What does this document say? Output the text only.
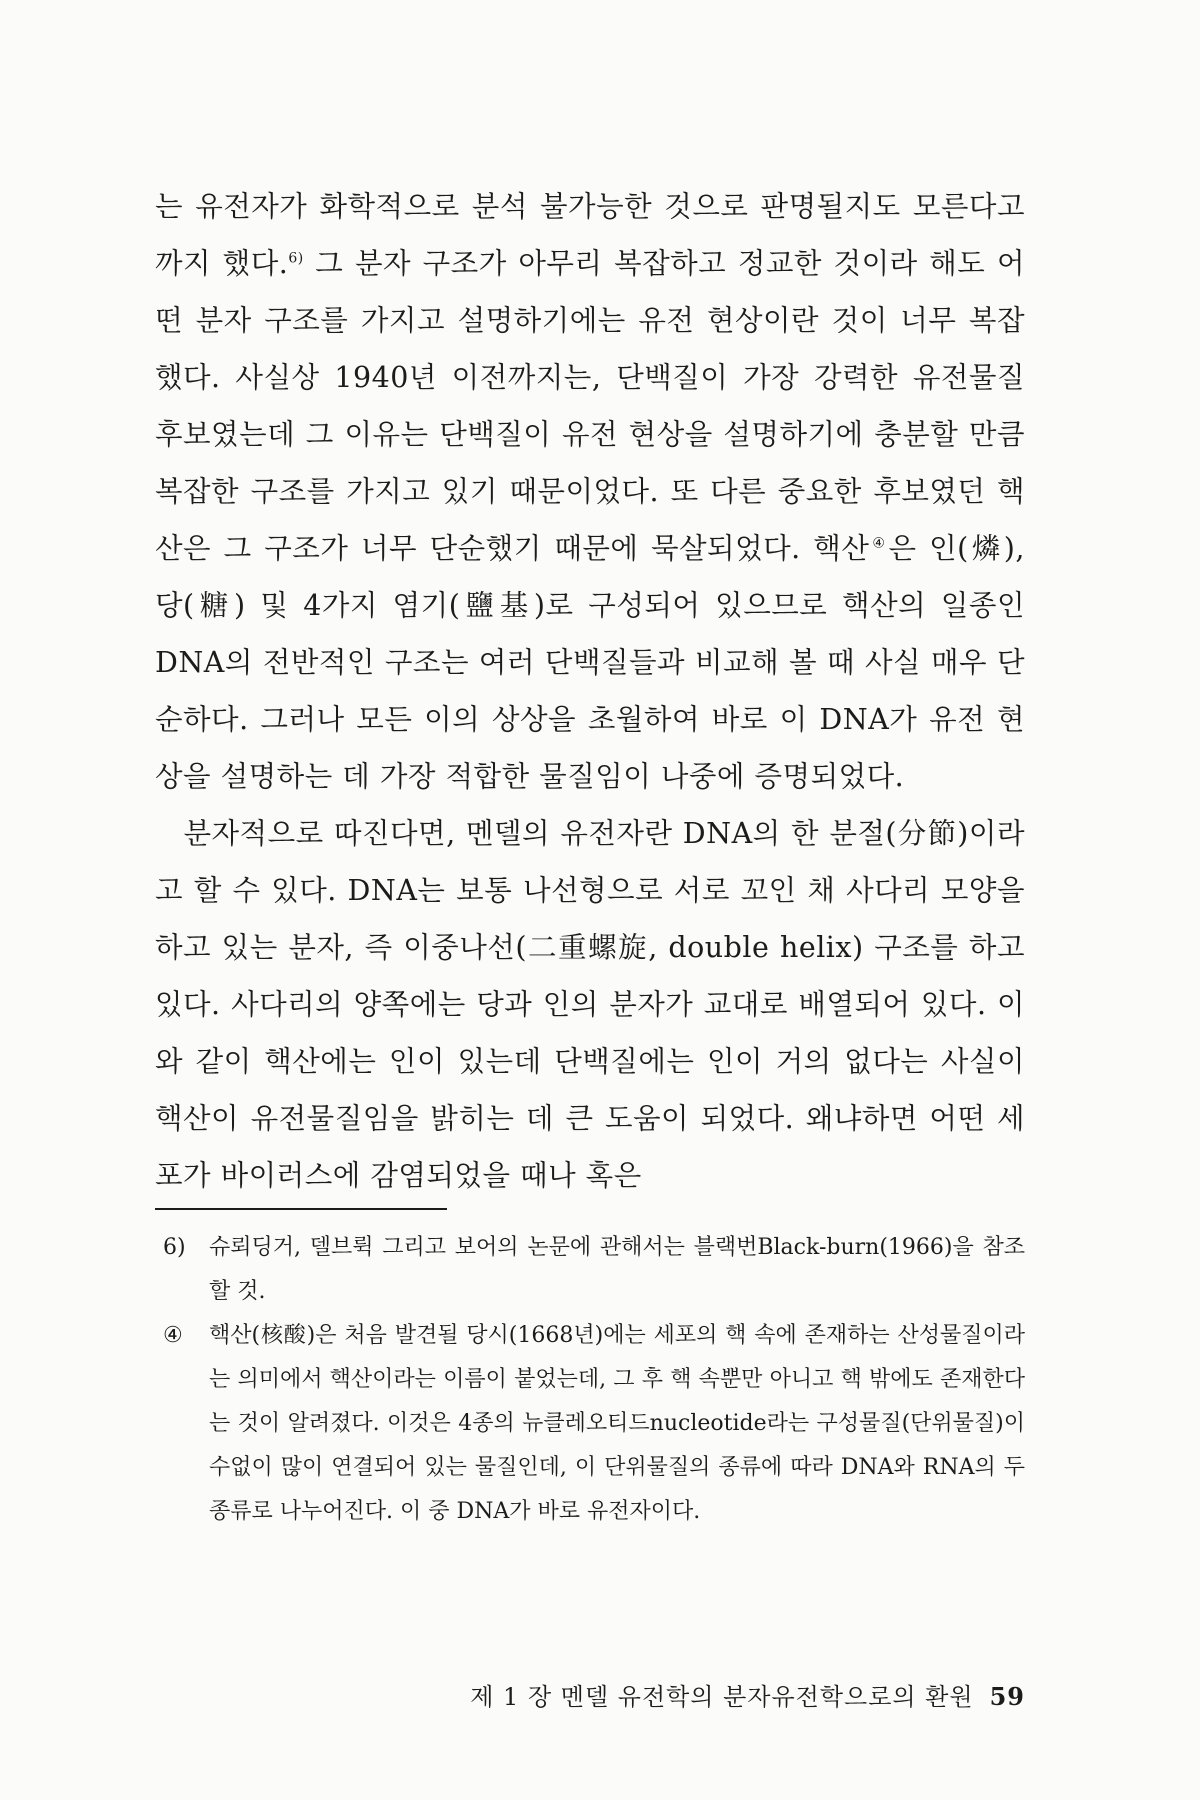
는 유전자가 화학적으로 분석 불가능한 것으로 판명될지도 모른다고까지 했다.$^{6)}$ 그 분자 구조가 아무리 복잡하고 정교한 것이라 해도 어떤 분자 구조를 가지고 설명하기에는 유전 현상이란 것이 너무 복잡했다. 사실상 1940년 이전까지는, 단백질이 가장 강력한 유전물질 후보였는데 그 이유는 단백질이 유전 현상을 설명하기에 충분할 만큼 복잡한 구조를 가지고 있기 때문이었다. 또 다른 중요한 후보였던 핵산은 그 구조가 너무 단순했기 때문에 묵살되었다. 핵산④은 인(燐), 당(糖) 및 4가지 염기(鹽基)로 구성되어 있으므로 핵산의 일종인 DNA의 전반적인 구조는 여러 단백질들과 비교해 볼 때 사실 매우 단순하다. 그러나 모든 이의 상상을 초월하여 바로 이 DNA가 유전 현상을 설명하는 데 가장 적합한 물질임이 나중에 증명되었다.

분자적으로 따진다면, 멘델의 유전자란 DNA의 한 분절(分節)이라고 할 수 있다. DNA는 보통 나선형으로 서로 꼬인 채 사다리 모양을 하고 있는 분자, 즉 이중나선(二重螺旋, double helix) 구조를 하고 있다. 사다리의 양쪽에는 당과 인의 분자가 교대로 배열되어 있다. 이와 같이 핵산에는 인이 있는데 단백질에는 인이 거의 없다는 사실이 핵산이 유전물질임을 밝히는 데 큰 도움이 되었다. 왜냐하면 어떤 세포가 바이러스에 감염되었을 때나 혹은

6)	슈뢰딩거, 델브뤽 그리고 보어의 논문에 관해서는 블랙번Black-burn(1966)을 참조할 것.
④	핵산(核酸)은 처음 발견될 당시(1668년)에는 세포의 핵 속에 존재하는 산성물질이라는 의미에서 핵산이라는 이름이 붙었는데, 그 후 핵 속뿐만 아니고 핵 밖에도 존재한다는 것이 알려졌다. 이것은 4종의 뉴클레오티드nucleotide라는 구성물질(단위물질)이 수없이 많이 연결되어 있는 물질인데, 이 단위물질의 종류에 따라 DNA와 RNA의 두 종류로 나누어진다. 이 중 DNA가 바로 유전자이다.
제 1 장 멘델 유전학의 분자유전학으로의 환원 59
